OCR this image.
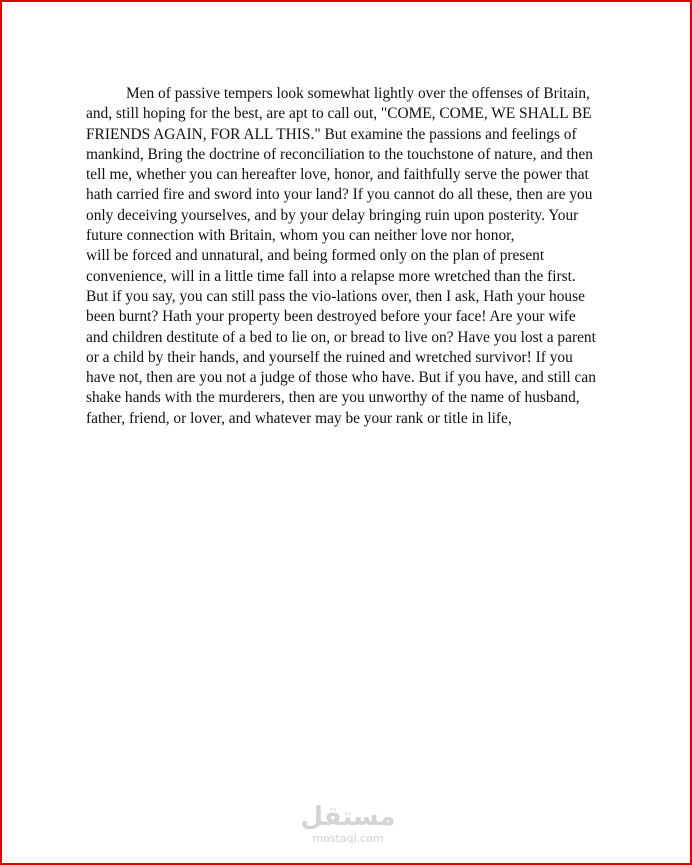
Men of passive tempers look somewhat lightly over the offenses of Britain,
and, still hoping for the best, are apt to call out, "COME, COME, WE SHALL BE
FRIENDS AGAIN, FOR ALL THIS." But examine the passions and feelings of
mankind, Bring the doctrine of reconciliation to the touchstone of nature, and then
tell me, whether you can hereafter love, honor, and faithfully serve the power that
hath carried fire and sword into your land? If you cannot do all these, then are you
only deceiving yourselves, and by your delay bringing ruin upon posterity. Your
future connection with Britain, whom you can neither love nor honor,
will be forced and unnatural, and being formed only on the plan of present
convenience, will in a little time fall into a relapse more wretched than the first.
But if you say, you can still pass the vio-lations over, then I ask, Hath your house
been burnt? Hath your property been destroyed before your face! Are your wife
and children destitute of a bed to lie on, or bread to live on? Have you lost a parent
or a child by their hands, and yourself the ruined and wretched survivor! If you
have not, then are you not a judge of those who have. But if you have, and still can
shake hands with the murderers, then are you unworthy of the name of husband,
father, friend, or lover, and whatever may be your rank or title in life,
مستقل
mostaql.com
